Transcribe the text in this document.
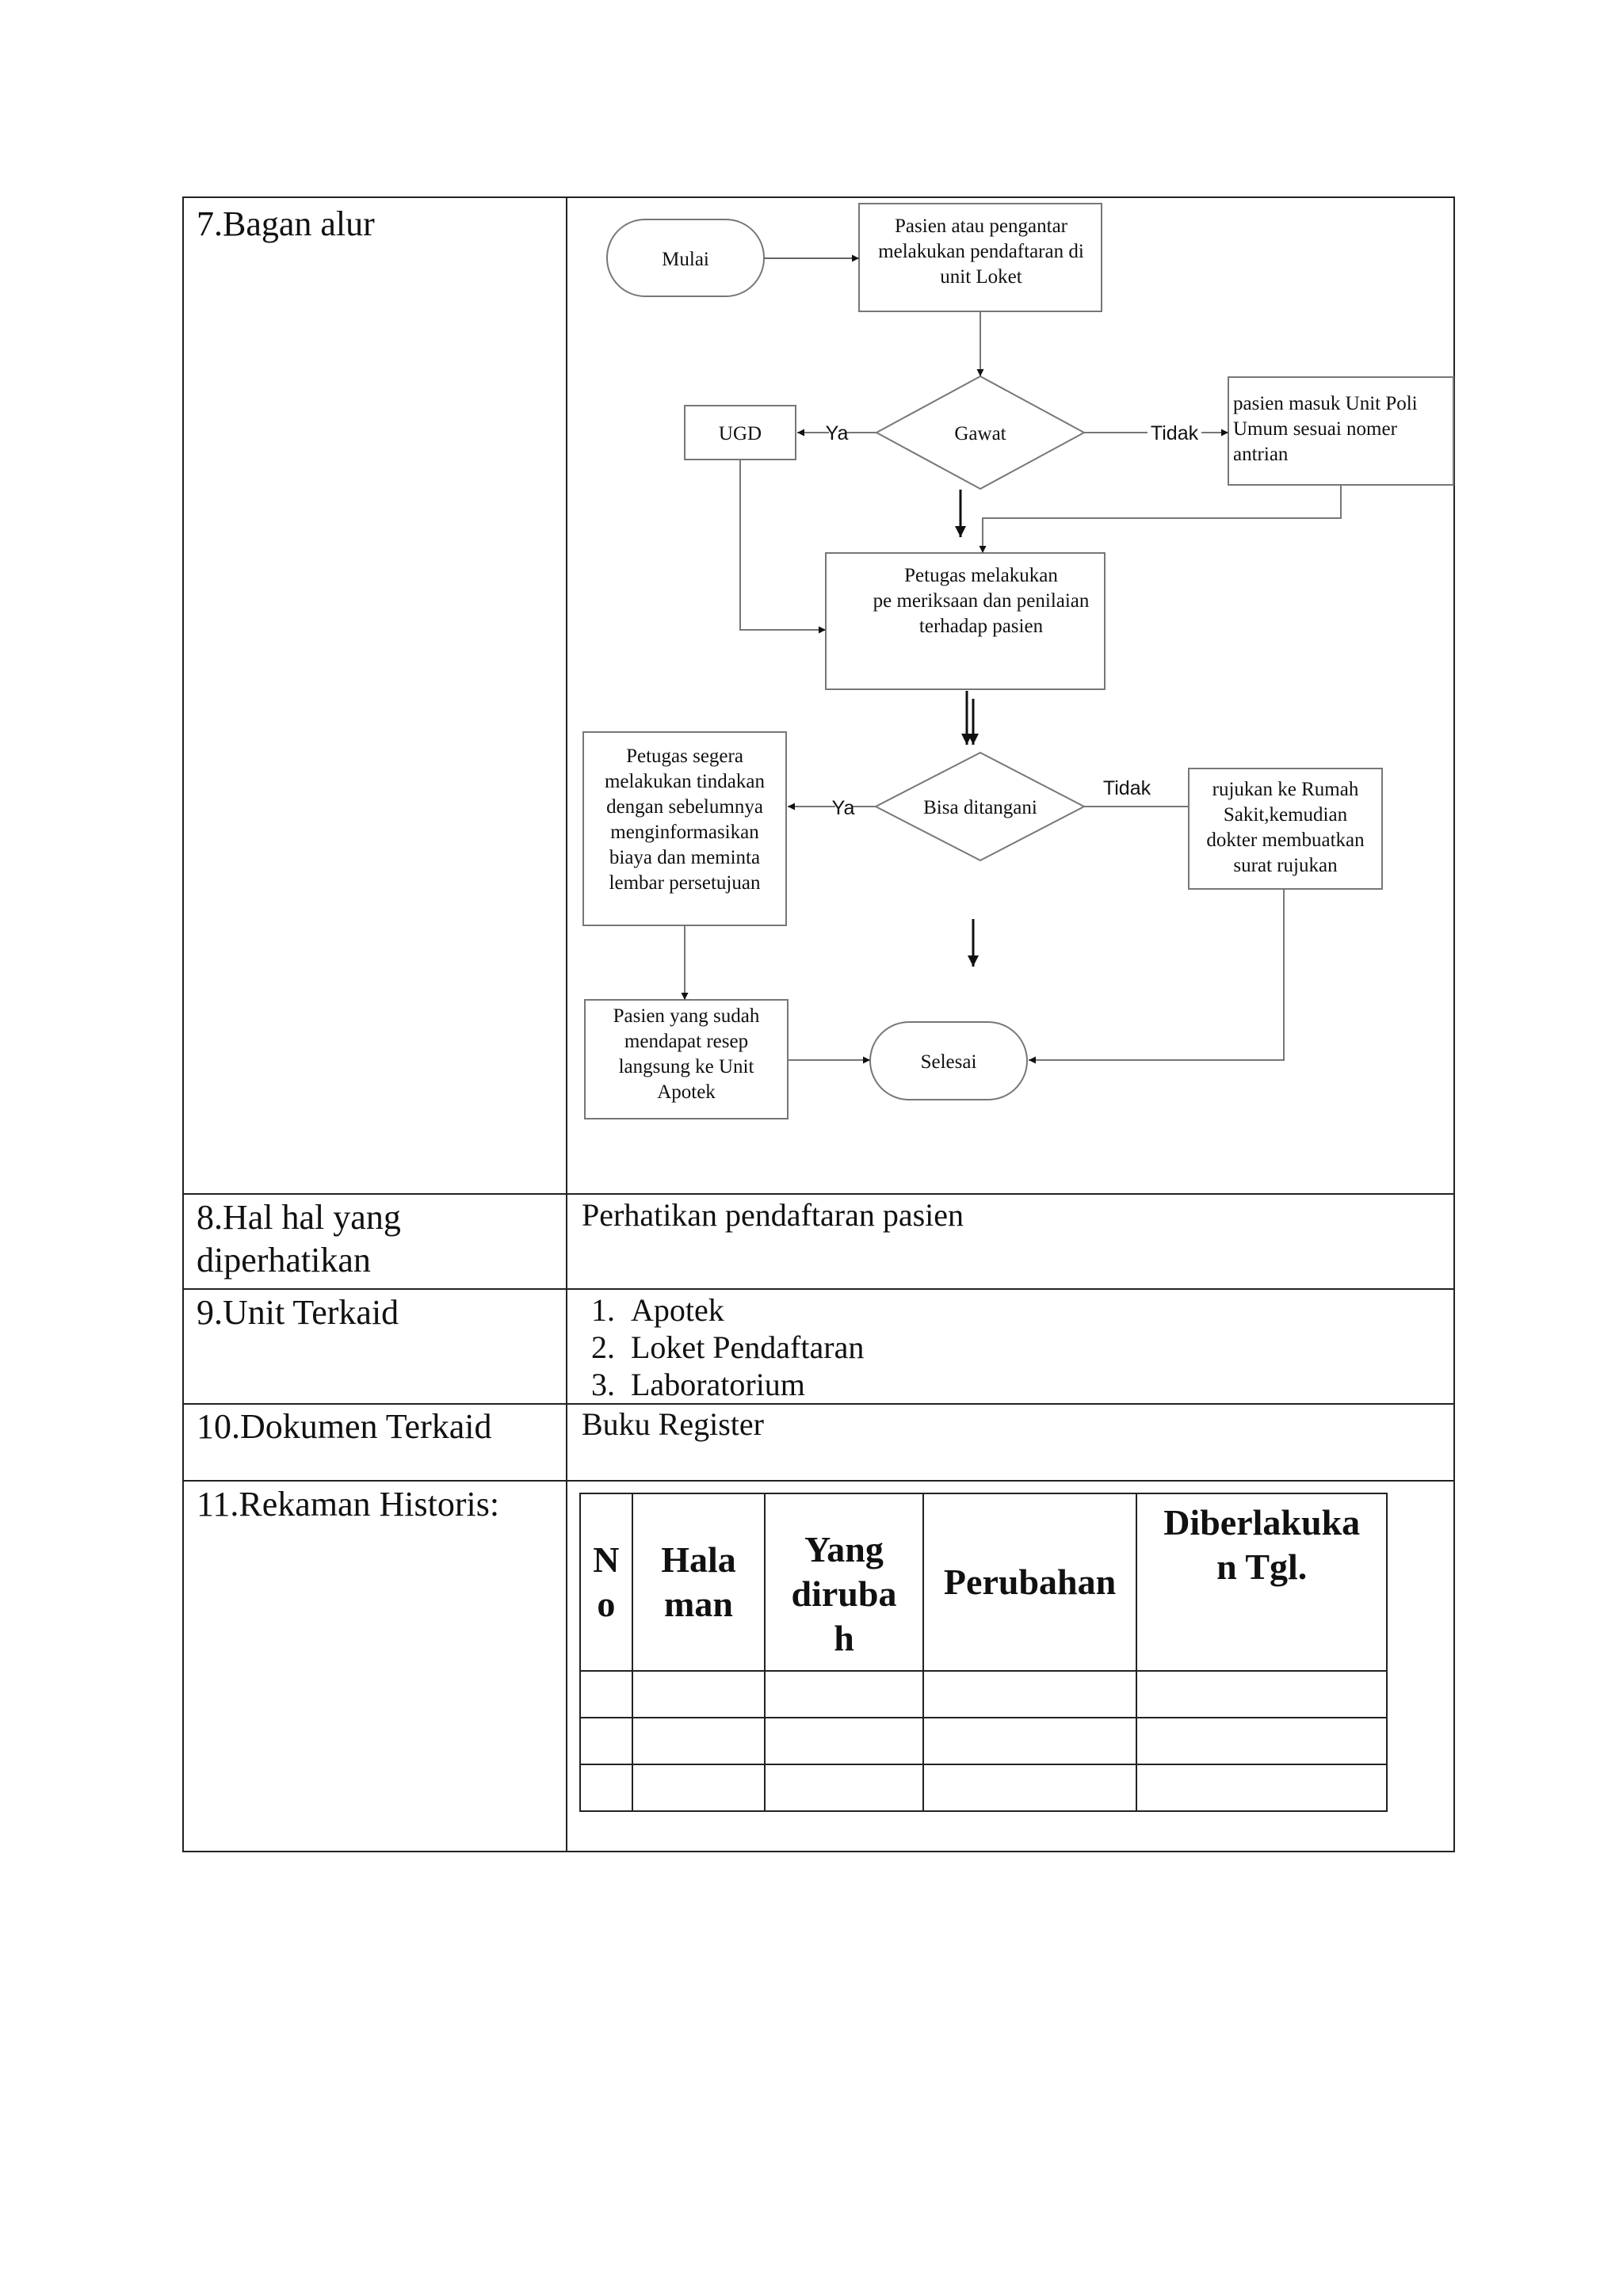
7.Bagan alur
Mulai
Pasien atau pengantar
melakukan pendaftaran di
unit Loket
Gawat
UGD
Petugas melakukan
pe meriksaan dan penilaian
terhadap pasien
Petugas segera
melakukan tindakan
dengan sebelumnya
menginformasikan
biaya dan meminta
lembar persetujuan
Bisa ditangani
rujukan ke Rumah
Sakit,kemudian
dokter membuatkan
surat rujukan
Pasien yang sudah
mendapat resep
langsung ke Unit
Apotek
Selesai
pasien masuk Unit Poli
Umum sesuai nomer
antrian
Ya	Tidak
Ya
Tidak
8.Hal hal yang
diperhatikan
Perhatikan pendaftaran pasien
9.Unit Terkaid
1.	Apotek
2. Loket Pendaftaran
3. Laboratorium
10.Dokumen Terkaid	Buku Register
11.Rekaman Historis:
N
o

Hala
man

Yang
diruba
h

Perubahan

Diberlakuka
n Tgl.
